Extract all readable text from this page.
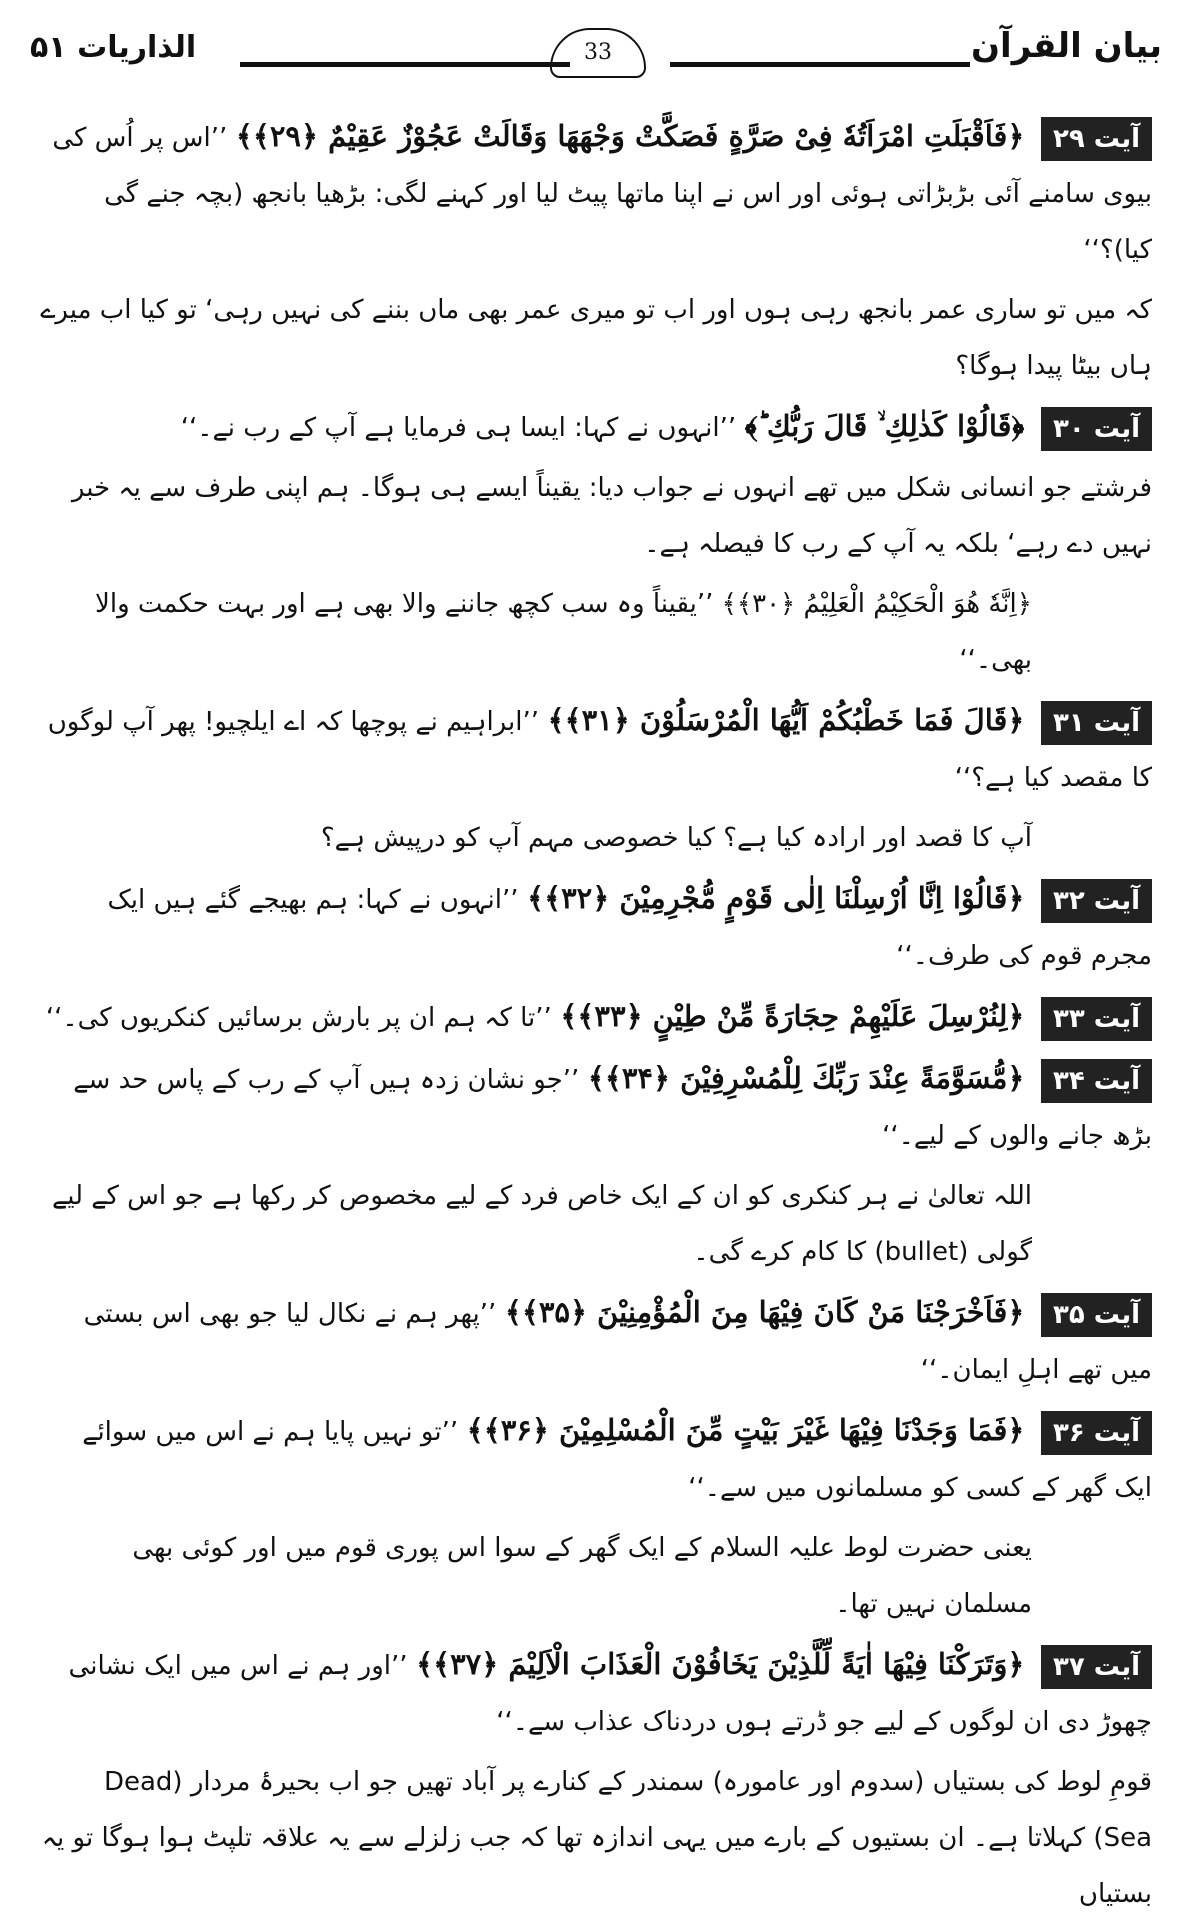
بیان القرآن
33
الذاریات ۵۱
آیت ۲۹ ﴿فَاَقْبَلَتِ امْرَاَتُهٗ فِیْ صَرَّةٍ فَصَكَّتْ وَجْهَهَا وَقَالَتْ عَجُوْزٌ عَقِیْمٌ ﴿۲۹﴾﴾ ’’اس پر اُس کی بیوی سامنے آئی بڑبڑاتی ہوئی اور اس نے اپنا ماتھا پیٹ لیا اور کہنے لگی: بڑھیا بانجھ (بچہ جنے گی کیا)؟‘‘
کہ میں تو ساری عمر بانجھ رہی ہوں اور اب تو میری عمر بھی ماں بننے کی نہیں رہی‘ تو کیا اب میرے ہاں بیٹا پیدا ہوگا؟
آیت ۳۰ ﴿قَالُوْا كَذٰلِكِ ۙ قَالَ رَبُّكِ ؕ﴾ ’’انہوں نے کہا: ایسا ہی فرمایا ہے آپ کے رب نے۔‘‘
فرشتے جو انسانی شکل میں تھے انہوں نے جواب دیا: یقیناً ایسے ہی ہوگا۔ ہم اپنی طرف سے یہ خبر نہیں دے رہے‘ بلکہ یہ آپ کے رب کا فیصلہ ہے۔
﴿اِنَّهٗ هُوَ الْحَكِیْمُ الْعَلِیْمُ ﴿۳۰﴾﴾ ’’یقیناً وہ سب کچھ جاننے والا بھی ہے اور بہت حکمت والا بھی۔‘‘
آیت ۳۱ ﴿قَالَ فَمَا خَطْبُكُمْ اَیُّهَا الْمُرْسَلُوْنَ ﴿۳۱﴾﴾ ’’ابراہیم نے پوچھا کہ اے ایلچیو! پھر آپ لوگوں کا مقصد کیا ہے؟‘‘
آپ کا قصد اور ارادہ کیا ہے؟ کیا خصوصی مہم آپ کو درپیش ہے؟
آیت ۳۲ ﴿قَالُوْا اِنَّا اُرْسِلْنَا اِلٰی قَوْمٍ مُّجْرِمِیْنَ ﴿۳۲﴾﴾ ’’انہوں نے کہا: ہم بھیجے گئے ہیں ایک مجرم قوم کی طرف۔‘‘
آیت ۳۳ ﴿لِنُرْسِلَ عَلَیْهِمْ حِجَارَةً مِّنْ طِیْنٍ ﴿۳۳﴾﴾ ’’تا کہ ہم ان پر بارش برسائیں کنکریوں کی۔‘‘
آیت ۳۴ ﴿مُّسَوَّمَةً عِنْدَ رَبِّكَ لِلْمُسْرِفِیْنَ ﴿۳۴﴾﴾ ’’جو نشان زدہ ہیں آپ کے رب کے پاس حد سے بڑھ جانے والوں کے لیے۔‘‘
اللہ تعالیٰ نے ہر کنکری کو ان کے ایک خاص فرد کے لیے مخصوص کر رکھا ہے جو اس کے لیے گولی (bullet) کا کام کرے گی۔
آیت ۳۵ ﴿فَاَخْرَجْنَا مَنْ كَانَ فِیْهَا مِنَ الْمُؤْمِنِیْنَ ﴿۳۵﴾﴾ ’’پھر ہم نے نکال لیا جو بھی اس بستی میں تھے اہلِ ایمان۔‘‘
آیت ۳۶ ﴿فَمَا وَجَدْنَا فِیْهَا غَیْرَ بَیْتٍ مِّنَ الْمُسْلِمِیْنَ ﴿۳۶﴾﴾ ’’تو نہیں پایا ہم نے اس میں سوائے ایک گھر کے کسی کو مسلمانوں میں سے۔‘‘
یعنی حضرت لوط علیہ السلام کے ایک گھر کے سوا اس پوری قوم میں اور کوئی بھی مسلمان نہیں تھا۔
آیت ۳۷ ﴿وَتَرَكْنَا فِیْهَا اٰیَةً لِّلَّذِیْنَ یَخَافُوْنَ الْعَذَابَ الْاَلِیْمَ ﴿۳۷﴾﴾ ’’اور ہم نے اس میں ایک نشانی چھوڑ دی ان لوگوں کے لیے جو ڈرتے ہوں دردناک عذاب سے۔‘‘
قومِ لوط کی بستیاں (سدوم اور عامورہ) سمندر کے کنارے پر آباد تھیں جو اب بحیرۂ مردار (Dead Sea) کہلاتا ہے۔ ان بستیوں کے بارے میں یہی اندازہ تھا کہ جب زلزلے سے یہ علاقہ تلپٹ ہوا ہوگا تو یہ بستیاں
